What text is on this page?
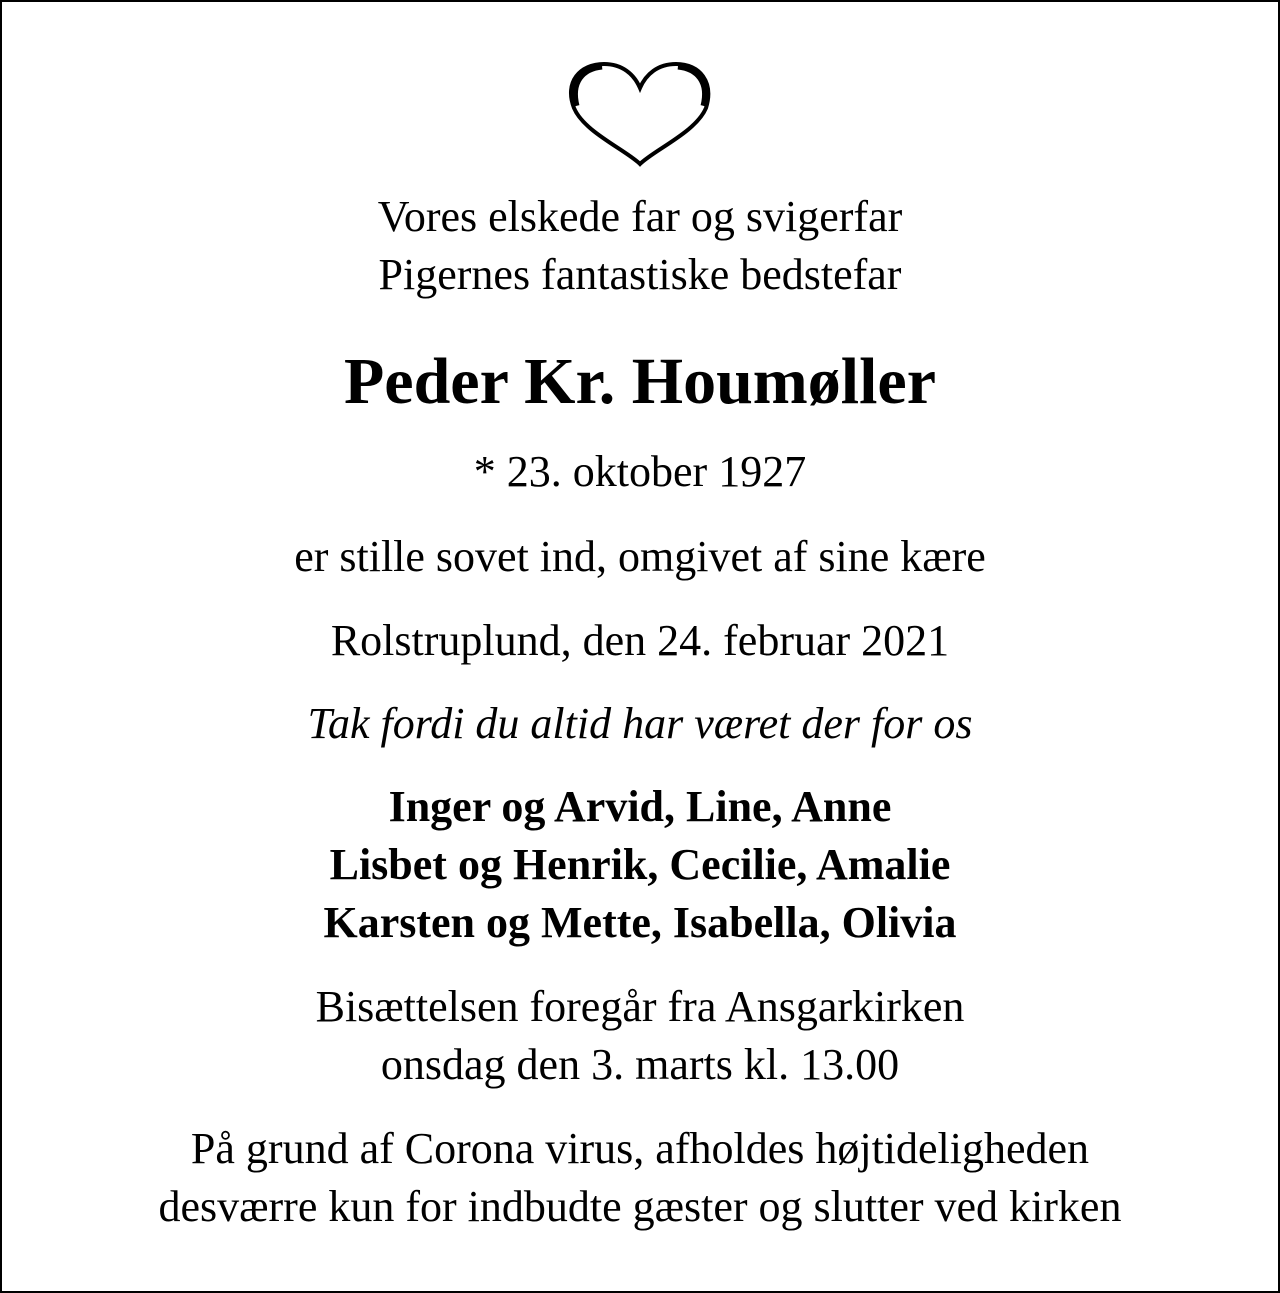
Vores elskede far og svigerfar
Pigernes fantastiske bedstefar
Peder Kr. Houmøller
* 23. oktober 1927
er stille sovet ind, omgivet af sine kære
Rolstruplund, den 24. februar 2021
Tak fordi du altid har været der for os
Inger og Arvid, Line, Anne
Lisbet og Henrik, Cecilie, Amalie
Karsten og Mette, Isabella, Olivia
Bisættelsen foregår fra Ansgarkirken
onsdag den 3. marts kl. 13.00
På grund af Corona virus, afholdes højtideligheden
desværre kun for indbudte gæster og slutter ved kirken
